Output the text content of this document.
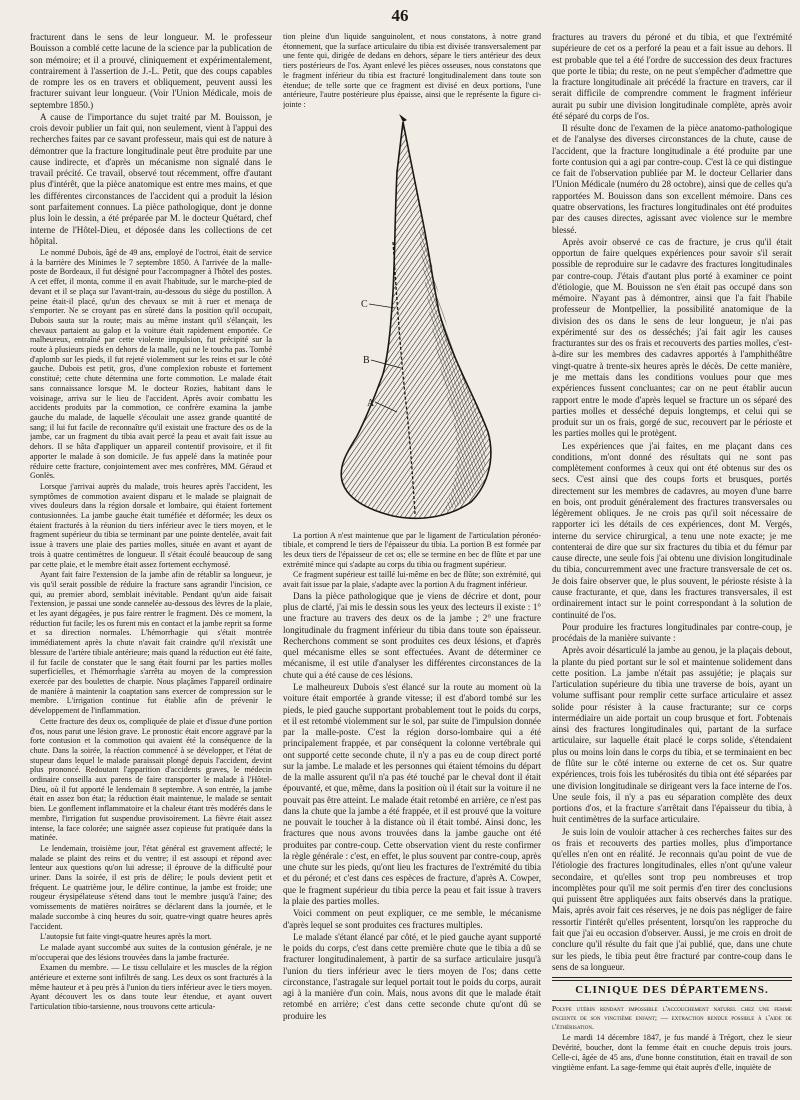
46

fracturent dans le sens de leur longueur. M. le professeur Bouisson a comblé cette lacune de la science par la publication de son mémoire; et il a prouvé, cliniquement et expérimentalement, contrairement à l'assertion de J.-L. Petit, que des coups capables de rompre les os en travers et obliquement, peuvent aussi les fracturer suivant leur longueur. (Voir l'Union Médicale, mois de septembre 1850.)

A cause de l'importance du sujet traité par M. Bouisson, je crois devoir publier un fait qui, non seulement, vient à l'appui des recherches faites par ce savant professeur, mais qui est de nature à démontrer que la fracture longitudinale peut être produite par une cause indirecte, et d'après un mécanisme non signalé dans le travail précité. Ce travail, observé tout récemment, offre d'autant plus d'intérêt, que la pièce anatomique est entre mes mains, et que les différentes circonstances de l'accident qui a produit la lésion sont parfaitement connues. La pièce pathologique, dont je donne plus loin le dessin, a été préparée par M. le docteur Quétard, chef interne de l'Hôtel-Dieu, et déposée dans les collections de cet hôpital.

Le nommé Dubois, âgé de 49 ans, employé de l'octroi, était de service à la barrière des Minimes le 7 septembre 1850. A l'arrivée de la malle-poste de Bordeaux, il fut désigné pour l'accompagner à l'hôtel des postes. A cet effet, il monta, comme il en avait l'habitude, sur le marche-pied de devant et il se plaça sur l'avant-train, au-dessous du siège du postillon. A peine était-il placé, qu'un des chevaux se mit à ruer et menaça de s'emporter. Ne se croyant pas en sûreté dans la position qu'il occupait, Dubois sauta sur la route; mais au même instant qu'il s'élançait, les chevaux partaient au galop et la voiture était rapidement emportée. Ce malheureux, entraîné par cette violente impulsion, fut précipité sur la route à plusieurs pieds en dehors de la malle, qui ne le toucha pas. Tombé d'aplomb sur les pieds, il fut rejeté violemment sur les reins et sur le côté gauche. Dubois est petit, gros, d'une complexion robuste et fortement constitué; cette chute détermina une forte commotion. Le malade était sans connaissance lorsque M. le docteur Rozies, habitant dans le voisinage, arriva sur le lieu de l'accident. Après avoir combattu les accidents produits par la commotion, ce confrère examina la jambe gauche du malade, de laquelle s'écoulait une assez grande quantité de sang; il lui fut facile de reconnaître qu'il existait une fracture des os de la jambe, car un fragment du tibia avait percé la peau et avait fait issue au dehors. Il se hâta d'appliquer un appareil contentif provisoire, et il fit apporter le malade à son domicile. Je fus appelé dans la matinée pour réduire cette fracture, conjointement avec mes confrères, MM. Géraud et Gonlès.

Lorsque j'arrivai auprès du malade, trois heures après l'accident, les symptômes de commotion avaient disparu et le malade se plaignait de vives douleurs dans la région dorsale et lombaire, qui étaient fortement contusionnées. La jambe gauche était tuméfiée et déformée; les deux os étaient fracturés à la réunion du tiers inférieur avec le tiers moyen, et le fragment supérieur du tibia se terminant par une pointe dentelée, avait fait issue à travers une plaie des parties molles, située en avant et ayant de trois à quatre centimètres de longueur. Il s'était écoulé beaucoup de sang par cette plaie, et le membre était assez fortement ecchymosé.

Ayant fait faire l'extension de la jambe afin de rétablir sa longueur, je vis qu'il serait possible de réduire la fracture sans agrandir l'incision, ce qui, au premier abord, semblait inévitable. Pendant qu'un aide faisait l'extension, je passai une sonde cannelée au-dessous des lèvres de la plaie, et les ayant dégagées, je pus faire rentrer le fragment. Dès ce moment, la réduction fut facile; les os furent mis en contact et la jambe reprit sa forme et sa direction normales. L'hémorrhagie qui s'était montrée immédiatement après la chute n'avait fait craindre qu'il n'existât une blessure de l'artère tibiale antérieure; mais quand la réduction eut été faite, il fut facile de constater que le sang était fourni par les parties molles superficielles, et l'hémorrhagie s'arrêta au moyen de la compression exercée par des boulettes de charpie. Nous plaçâmes l'appareil ordinaire de manière à maintenir la coaptation sans exercer de compression sur le membre. L'irrigation continue fut établie afin de prévenir le développement de l'inflammation.

Cette fracture des deux os, compliquée de plaie et d'issue d'une portion d'os, nous parut une lésion grave. Le pronostic était encore aggravé par la forte contusion et la commotion qui avaient été la conséquence de la chute. Dans la soirée, la réaction commencé à se développer, et l'état de stupeur dans lequel le malade paraissait plongé depuis l'accident, devint plus prononcé. Redoutant l'apparition d'accidents graves, le médecin ordinaire conseilla aux parens de faire transporter le malade à l'Hôtel-Dieu, où il fut apporté le lendemain 8 septembre. A son entrée, la jambe était en assez bon état; la réduction était maintenue, le malade se sentait bien. Le gonflement inflammatoire et la chaleur étant très modérés dans le membre, l'irrigation fut suspendue provisoirement. La fièvre était assez intense, la face colorée; une saignée assez copieuse fut pratiquée dans la matinée.

Le lendemain, troisième jour, l'état général est gravement affecté; le malade se plaint des reins et du ventre; il est assoupi et répond avec lenteur aux questions qu'on lui adresse; il éprouve de la difficulté pour uriner. Dans la soirée, il est pris de délire; le pouls devient petit et fréquent. Le quatrième jour, le délire continue, la jambe est froide; une rougeur érysipélateuse s'étend dans tout le membre jusqu'à l'aine; des vomissements de matières noirâtres se déclarent dans la journée, et le malade succombe à cinq heures du soir, quatre-vingt quatre heures après l'accident.

L'autopsie fut faite vingt-quatre heures après la mort.

Le malade ayant succombé aux suites de la contusion générale, je ne m'occuperai que des lésions trouvées dans la jambe fracturée.

Examen du membre. — Le tissu cellulaire et les muscles de la région antérieure et externe sont infiltrés de sang. Les deux os sont fracturés à la même hauteur et à peu près à l'union du tiers inférieur avec le tiers moyen. Ayant découvert les os dans toute leur étendue, et ayant ouvert l'articulation tibio-tarsienne, nous trouvons cette articula-

tion pleine d'un liquide sanguinolent, et nous constatons, à notre grand étonnement, que la surface articulaire du tibia est divisée transversalement par une fente qui, dirigée de dedans en dehors, sépare le tiers antérieur des deux tiers postérieurs de l'os. Ayant enlevé les pièces osseuses, nous constatons que le fragment inférieur du tibia est fracturé longitudinalement dans toute son étendue; de telle sorte que ce fragment est divisé en deux portions, l'une antérieure, l'autre postérieure plus épaisse, ainsi que le représente la figure ci-jointe :

C
B
A

La portion A n'est maintenue que par le ligament de l'articulation péronéo-tibiale, et comprend le tiers de l'épaisseur du tibia. La portion B est formée par les deux tiers de l'épaisseur de cet os; elle se termine en bec de flûte et par une extrémité mince qui s'adapte au corps du tibia ou fragment supérieur.

Ce fragment supérieur est taillé lui-même en bec de flûte; son extrémité, qui avait fait issue par la plaie, s'adapte avec la portion A du fragment inférieur.

Dans la pièce pathologique que je viens de décrire et dont, pour plus de clarté, j'ai mis le dessin sous les yeux des lecteurs il existe : 1° une fracture au travers des deux os de la jambe ; 2° une fracture longitudinale du fragment inférieur du tibia dans toute son épaisseur. Recherchons comment se sont produites ces deux lésions, et d'après quel mécanisme elles se sont effectuées. Avant de déterminer ce mécanisme, il est utile d'analyser les différentes circonstances de la chute qui a été cause de ces lésions.

Le malheureux Dubois s'est élancé sur la route au moment où la voiture était emportée à grande vitesse; il est d'abord tombé sur les pieds, le pied gauche supportant probablement tout le poids du corps, et il est retombé violemment sur le sol, par suite de l'impulsion donnée par la malle-poste. C'est la région dorso-lombaire qui a été principalement frappée, et par conséquent la colonne vertébrale qui ont supporté cette seconde chute, il n'y a pas eu de coup direct porté sur la jambe. Le malade et les personnes qui étaient témoins du départ de la malle assurent qu'il n'a pas été touché par le cheval dont il était épouvanté, et que, même, dans la position où il était sur la voiture il ne pouvait pas être atteint. Le malade était retombé en arrière, ce n'est pas dans la chute que la jambe a été frappée, et il est prouvé que la voiture ne pouvait le toucher à la distance où il était tombé. Ainsi donc, les fractures que nous avons trouvées dans la jambe gauche ont été produites par contre-coup. Cette observation vient du reste confirmer la règle générale : c'est, en effet, le plus souvent par contre-coup, après une chute sur les pieds, qu'ont lieu les fractures de l'extrémité du tibia et du péroné; et c'est dans ces espèces de fracture, d'après A. Cowper, que le fragment supérieur du tibia perce la peau et fait issue à travers la plaie des parties molles.

Voici comment on peut expliquer, ce me semble, le mécanisme d'après lequel se sont produites ces fractures multiples.

Le malade s'étant élancé par côté, et le pied gauche ayant supporté le poids du corps, c'est dans cette première chute que le tibia a dû se fracturer longitudinalement, à partir de sa surface articulaire jusqu'à l'union du tiers inférieur avec le tiers moyen de l'os; dans cette circonstance, l'astragale sur lequel portait tout le poids du corps, aurait agi à la manière d'un coin. Mais, nous avons dit que le malade était retombé en arrière; c'est dans cette seconde chute qu'ont dû se produire les

fractures au travers du péroné et du tibia, et que l'extrémité supérieure de cet os a perforé la peau et a fait issue au dehors. Il est probable que tel a été l'ordre de succession des deux fractures que porte le tibia; du reste, on ne peut s'empêcher d'admettre que la fracture longitudinale ait précédé la fracture en travers, car il serait difficile de comprendre comment le fragment inférieur aurait pu subir une division longitudinale complète, après avoir été séparé du corps de l'os.

Il résulte donc de l'examen de la pièce anatomo-pathologique et de l'analyse des diverses circonstances de la chute, cause de l'accident, que la fracture longitudinale a été produite par une forte contusion qui a agi par contre-coup. C'est là ce qui distingue ce fait de l'observation publiée par M. le docteur Cellarier dans l'Union Médicale (numéro du 28 octobre), ainsi que de celles qu'a rapportées M. Bouisson dans son excellent mémoire. Dans ces quatre observations, les fractures longitudinales ont été produites par des causes directes, agissant avec violence sur le membre blessé.

Après avoir observé ce cas de fracture, je crus qu'il était opportun de faire quelques expériences pour savoir s'il serait possible de reproduire sur le cadavre des fractures longitudinales par contre-coup. J'étais d'autant plus porté à examiner ce point d'étiologie, que M. Bouisson ne s'en était pas occupé dans son mémoire. N'ayant pas à démontrer, ainsi que l'a fait l'habile professeur de Montpellier, la possibilité anatomique de la division des os dans le sens de leur longueur, je n'ai pas expérimenté sur des os desséchés; j'ai fait agir les causes fracturantes sur des os frais et recouverts des parties molles, c'est-à-dire sur les membres des cadavres apportés à l'amphithéâtre vingt-quatre à trente-six heures après le décès. De cette manière, je me mettais dans les conditions voulues pour que mes expériences fussent concluantes; car on ne peut établir aucun rapport entre le mode d'après lequel se fracture un os séparé des parties molles et desséché depuis longtemps, et celui qui se produit sur un os frais, gorgé de suc, recouvert par le périoste et les parties molles qui le protègent.

Les expériences que j'ai faites, en me plaçant dans ces conditions, m'ont donné des résultats qui ne sont pas complètement conformes à ceux qui ont été obtenus sur des os secs. C'est ainsi que des coups forts et brusques, portés directement sur les membres de cadavres, au moyen d'une barre en bois, ont produit généralement des fractures transversales ou légèrement obliques. Je ne crois pas qu'il soit nécessaire de rapporter ici les détails de ces expériences, dont M. Vergés, interne du service chirurgical, a tenu une note exacte; je me contenterai de dire que sur six fractures du tibia et du fémur par cause directe, une seule fois j'ai obtenu une division longitudinale du tibia, concurremment avec une fracture transversale de cet os. Je dois faire observer que, le plus souvent, le périoste résiste à la cause fracturante, et que, dans les fractures transversales, il est ordinairement intact sur le point correspondant à la solution de continuité de l'os.

Pour produire les fractures longitudinales par contre-coup, je procédais de la manière suivante :

Après avoir désarticulé la jambe au genou, je la plaçais debout, la plante du pied portant sur le sol et maintenue solidement dans cette position. La jambe n'était pas assujétie; je plaçais sur l'articulation supérieure du tibia une traverse de bois, ayant un volume suffisant pour remplir cette surface articulaire et assez solide pour résister à la cause fracturante; sur ce corps intermédiaire un aide portait un coup brusque et fort. J'obtenais ainsi des fractures longitudinales qui, partant de la surface articulaire, sur laquelle était placé le corps solide, s'étendaient plus ou moins loin dans le corps du tibia, et se terminaient en bec de flûte sur le côté interne ou externe de cet os. Sur quatre expériences, trois fois les tubérosités du tibia ont été séparées par une division longitudinale se dirigeant vers la face interne de l'os. Une seule fois, il n'y a pas eu séparation complète des deux portions d'os, et la fracture s'arrêtait dans l'épaisseur du tibia, à huit centimètres de la surface articulaire.

Je suis loin de vouloir attacher à ces recherches faites sur des os frais et recouverts des parties molles, plus d'importance qu'elles n'en ont en réalité. Je reconnais qu'au point de vue de l'étiologie des fractures longitudinales, elles n'ont qu'une valeur secondaire, et qu'elles sont trop peu nombreuses et trop incomplètes pour qu'il me soit permis d'en tirer des conclusions qui puissent être appliquées aux faits observés dans la pratique. Mais, après avoir fait ces réserves, je ne dois pas négliger de faire ressortir l'intérêt qu'elles présentent, lorsqu'on les rapproche du fait que j'ai eu occasion d'observer. Aussi, je me crois en droit de conclure qu'il résulte du fait que j'ai publié, que, dans une chute sur les pieds, le tibia peut être fracturé par contre-coup dans le sens de sa longueur.

CLINIQUE DES DÉPARTEMENS.
Polype utérin rendant impossible l'accouchement naturel chez une femme enceinte de son vingtième enfant; — extraction rendue possible à l'aide de l'éthérisation.

Le mardi 14 décembre 1847, je fus mandé à Trégort, chez le sieur Devérité, boucher, dont la femme était en couche depuis trois jours. Celle-ci, âgée de 45 ans, d'une bonne constitution, était en travail de son vingtième enfant. La sage-femme qui était auprès d'elle, inquiète de
